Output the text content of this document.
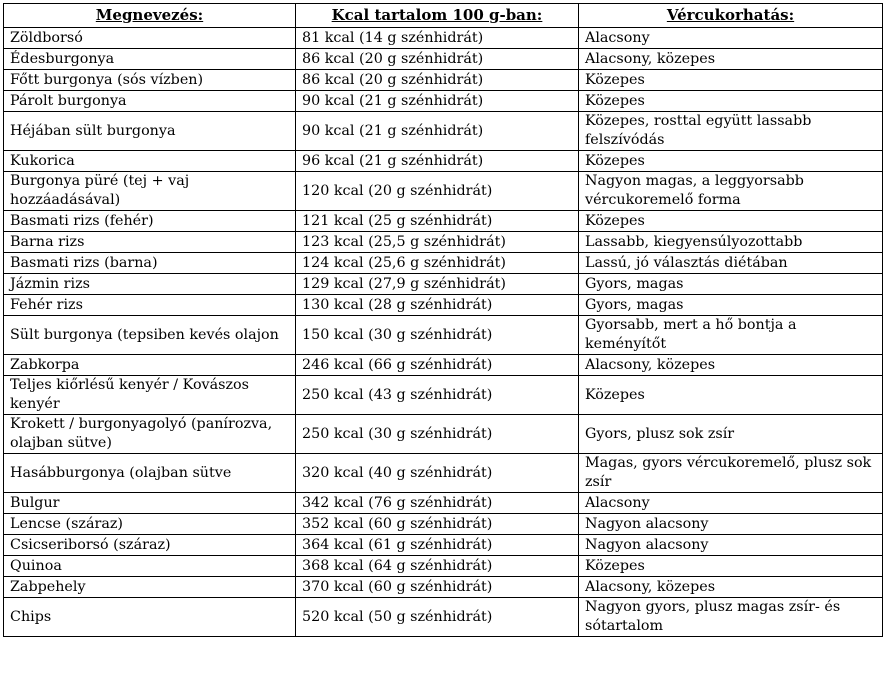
Megnevezés:	Kcal tartalom 100 g-ban:	Vércukorhatás:
Zöldborsó	81 kcal (14 g szénhidrát)	Alacsony
Édesburgonya	86 kcal (20 g szénhidrát)	Alacsony, közepes
Főtt burgonya (sós vízben)	86 kcal (20 g szénhidrát)	Közepes
Párolt burgonya	90 kcal (21 g szénhidrát)	Közepes
Héjában sült burgonya	90 kcal (21 g szénhidrát)	Közepes, rosttal együtt lassabb felszívódás
Kukorica	96 kcal (21 g szénhidrát)	Közepes
Burgonya püré (tej + vaj hozzáadásával)	120 kcal (20 g szénhidrát)	Nagyon magas, a leggyorsabb vércukoremelő forma
Basmati rizs (fehér)	121 kcal (25 g szénhidrát)	Közepes
Barna rizs	123 kcal (25,5 g szénhidrát)	Lassabb, kiegyensúlyozottabb
Basmati rizs (barna)	124 kcal (25,6 g szénhidrát)	Lassú, jó választás diétában
Jázmin rizs	129 kcal (27,9 g szénhidrát)	Gyors, magas
Fehér rizs	130 kcal (28 g szénhidrát)	Gyors, magas
Sült burgonya (tepsiben kevés olajon	150 kcal (30 g szénhidrát)	Gyorsabb, mert a hő bontja a keményítőt
Zabkorpa	246 kcal (66 g szénhidrát)	Alacsony, közepes
Teljes kiőrlésű kenyér / Kovászos kenyér	250 kcal (43 g szénhidrát)	Közepes
Krokett / burgonyagolyó (panírozva, olajban sütve)	250 kcal (30 g szénhidrát)	Gyors, plusz sok zsír
Hasábburgonya (olajban sütve	320 kcal (40 g szénhidrát)	Magas, gyors vércukoremelő, plusz sok zsír
Bulgur	342 kcal (76 g szénhidrát)	Alacsony
Lencse (száraz)	352 kcal (60 g szénhidrát)	Nagyon alacsony
Csicseriborsó (száraz)	364 kcal (61 g szénhidrát)	Nagyon alacsony
Quinoa	368 kcal (64 g szénhidrát)	Közepes
Zabpehely	370 kcal (60 g szénhidrát)	Alacsony, közepes
Chips	520 kcal (50 g szénhidrát)	Nagyon gyors, plusz magas zsír- és sótartalom
